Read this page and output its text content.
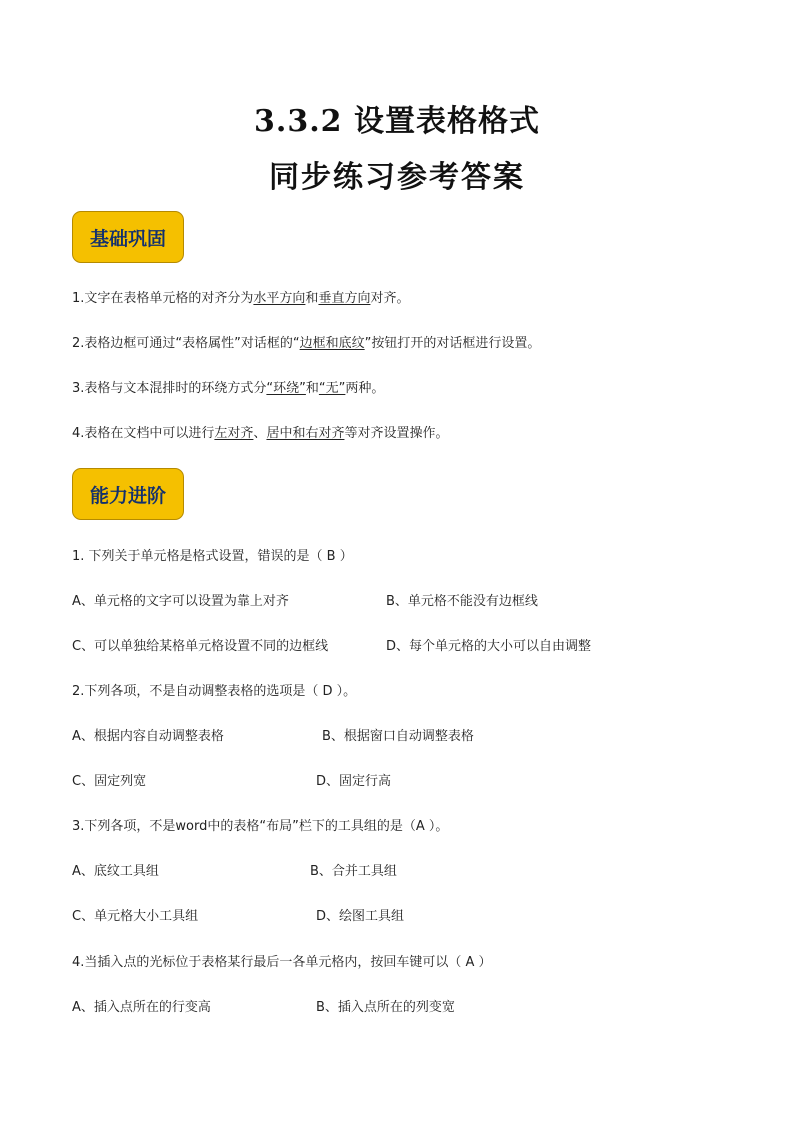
3.3.2 设置表格格式
同步练习参考答案
基础巩固
1.文字在表格单元格的对齐分为水平方向和垂直方向对齐。
2.表格边框可通过“表格属性”对话框的“边框和底纹”按钮打开的对话框进行设置。
3.表格与文本混排时的环绕方式分“环绕”和“无”两种。
4.表格在文档中可以进行左对齐、居中和右对齐等对齐设置操作。
能力进阶
1. 下列关于单元格是格式设置，错误的是（ B ）
A、单元格的文字可以设置为靠上对齐	B、单元格不能没有边框线
C、可以单独给某格单元格设置不同的边框线	D、每个单元格的大小可以自由调整
2.下列各项，不是自动调整表格的选项是（ D ）。
A、根据内容自动调整表格	B、根据窗口自动调整表格
C、固定列宽	D、固定行高
3.下列各项，不是word中的表格“布局”栏下的工具组的是（A ）。
A、底纹工具组	B、合并工具组
C、单元格大小工具组	D、绘图工具组
4.当插入点的光标位于表格某行最后一各单元格内，按回车键可以（ A ）
A、插入点所在的行变高	B、插入点所在的列变宽
